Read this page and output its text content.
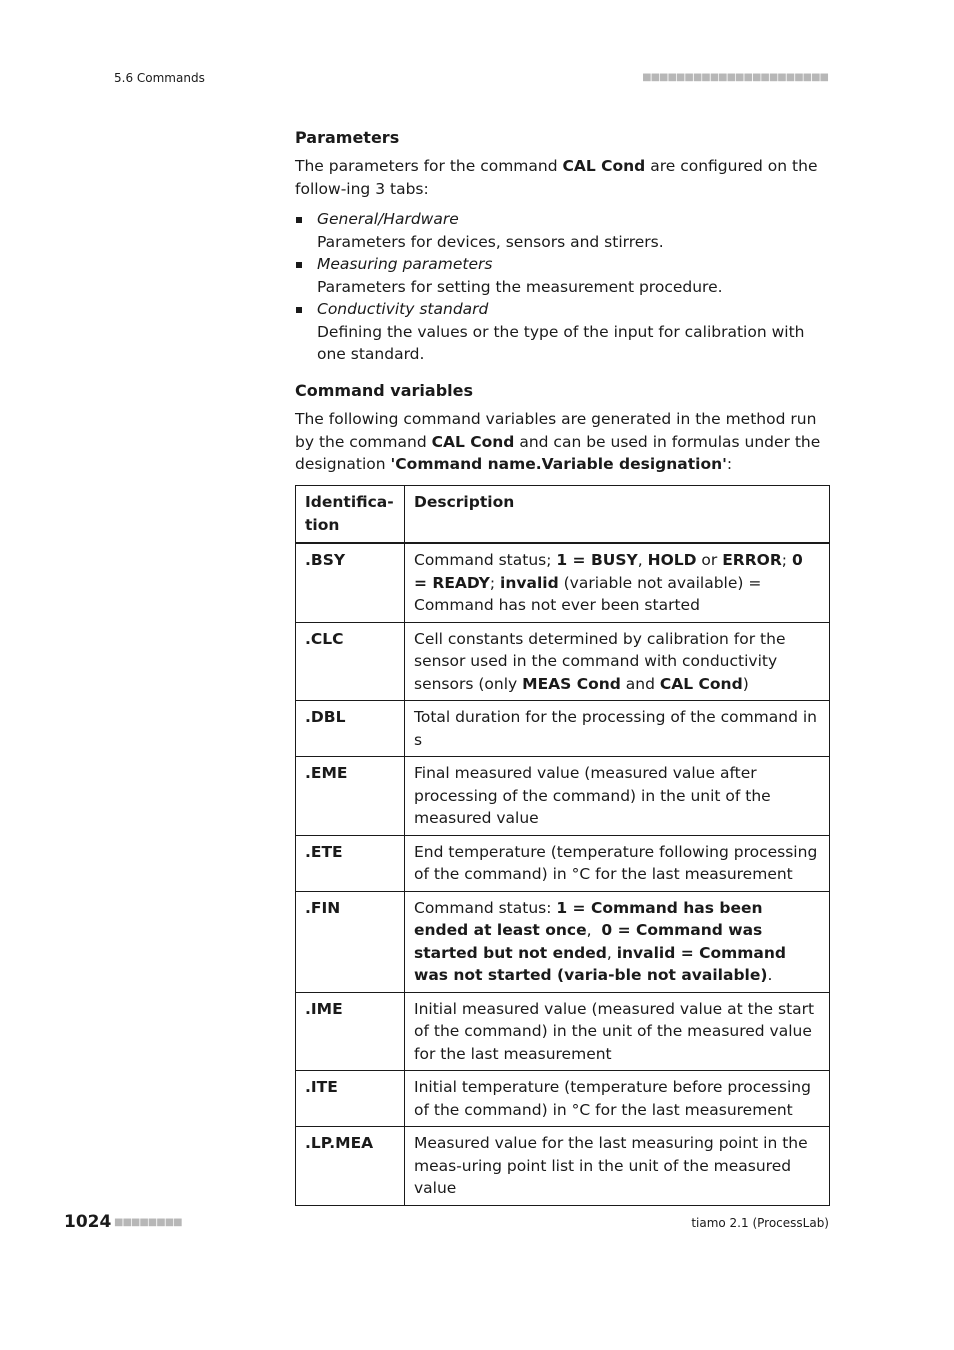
5.6 Commands	■■■■■■■■■■■■■■■■■■■■■■
Parameters

The parameters for the command CAL Cond are configured on the follow-ing 3 tabs:

General/Hardware
Parameters for devices, sensors and stirrers.
Measuring parameters
Parameters for setting the measurement procedure.
Conductivity standard
Defining the values or the type of the input for calibration with one standard.
Command variables

The following command variables are generated in the method run by the command CAL Cond and can be used in formulas under the designation 'Command name.Variable designation':

Identifica-tion	Description
.BSY	Command status; 1 = BUSY, HOLD or ERROR; 0 = READY; invalid (variable not available) = Command has not ever been started
.CLC	Cell constants determined by calibration for the sensor used in the command with conductivity sensors (only MEAS Cond and CAL Cond)
.DBL	Total duration for the processing of the command in s
.EME	Final measured value (measured value after processing of the command) in the unit of the measured value
.ETE	End temperature (temperature following processing of the command) in °C for the last measurement
.FIN	Command status: 1 = Command has been ended at least once,  0 = Command was started but not ended, invalid = Command was not started (varia-ble not available).
.IME	Initial measured value (measured value at the start of the command) in the unit of the measured value for the last measurement
.ITE	Initial temperature (temperature before processing of the command) in °C for the last measurement
.LP.MEA	Measured value for the last measuring point in the meas-uring point list in the unit of the measured value
1024 ■■■■■■■■	tiamo 2.1 (ProcessLab)
